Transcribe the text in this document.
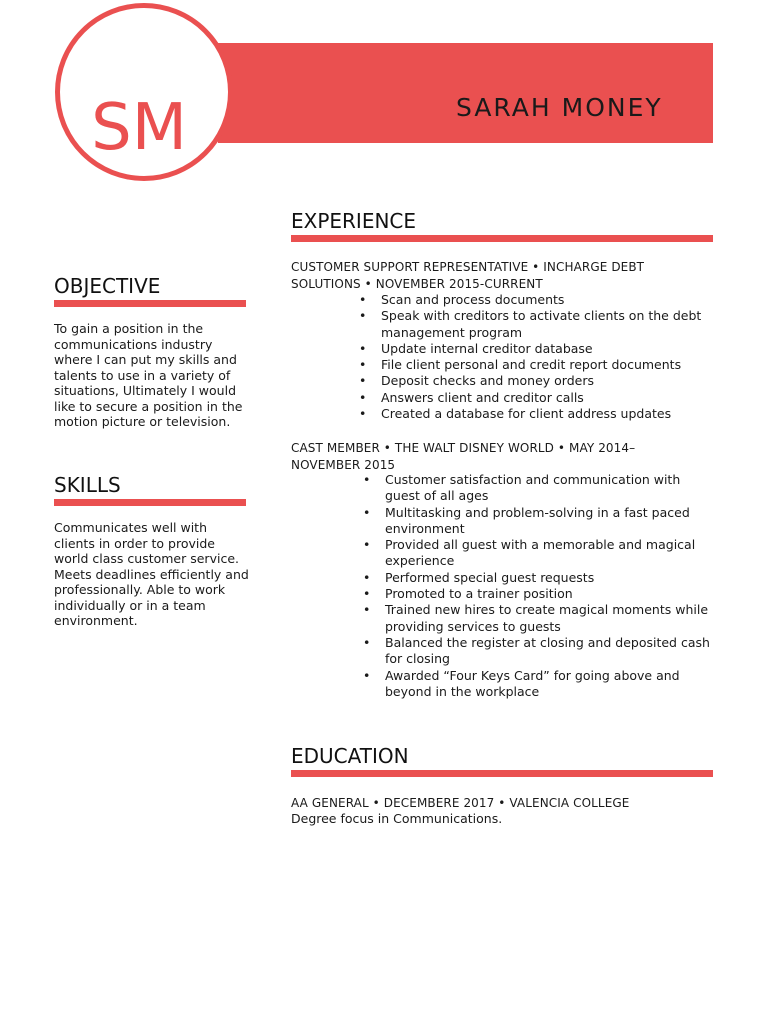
SARAH MONEY
SM
OBJECTIVE
To gain a position in the communications industry where I can put my skills and talents to use in a variety of situations, Ultimately I would like to secure a position in the motion picture or television.
SKILLS
Communicates well with clients in order to provide world class customer service. Meets deadlines efficiently and professionally. Able to work individually or in a team environment.
EXPERIENCE
CUSTOMER SUPPORT REPRESENTATIVE • INCHARGE DEBT SOLUTIONS • NOVEMBER 2015-CURRENT
• Scan and process documents
• Speak with creditors to activate clients on the debt management program
• Update internal creditor database
• File client personal and credit report documents
• Deposit checks and money orders
• Answers client and creditor calls
• Created a database for client address updates
CAST MEMBER • THE WALT DISNEY WORLD • MAY 2014–NOVEMBER 2015
• Customer satisfaction and communication with guest of all ages
• Multitasking and problem-solving in a fast paced environment
• Provided all guest with a memorable and magical experience
• Performed special guest requests
• Promoted to a trainer position
• Trained new hires to create magical moments while providing services to guests
• Balanced the register at closing and deposited cash for closing
• Awarded “Four Keys Card” for going above and beyond in the workplace
EDUCATION
AA GENERAL • DECEMBERE 2017 • VALENCIA COLLEGE
Degree focus in Communications.
